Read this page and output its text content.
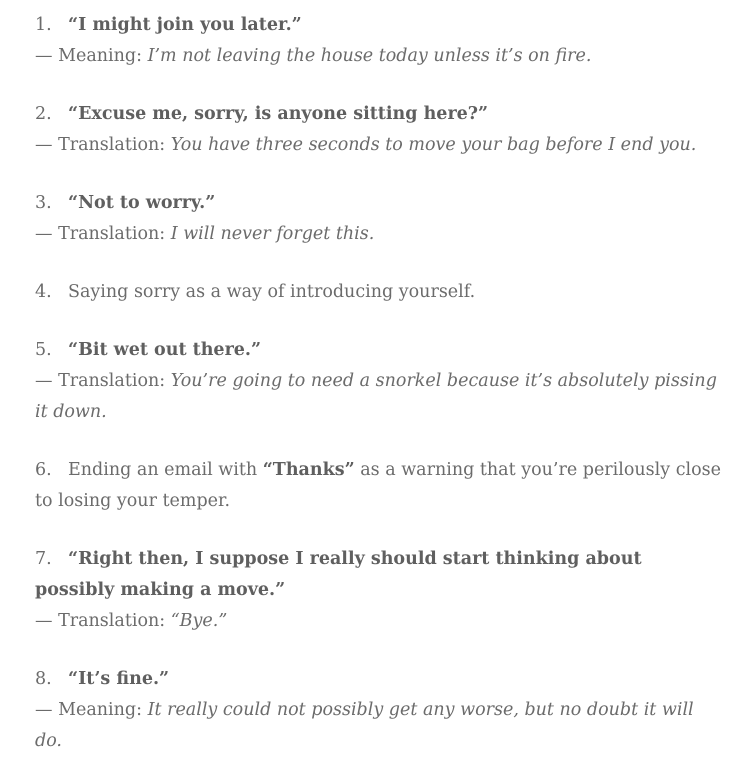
1. “I might join you later.”
— Meaning: I’m not leaving the house today unless it’s on fire.
2. “Excuse me, sorry, is anyone sitting here?”
— Translation: You have three seconds to move your bag before I end you.
3. “Not to worry.”
— Translation: I will never forget this.
4. Saying sorry as a way of introducing yourself.
5. “Bit wet out there.”
— Translation: You’re going to need a snorkel because it’s absolutely pissing it down.
6. Ending an email with “Thanks” as a warning that you’re perilously close to losing your temper.
7. “Right then, I suppose I really should start thinking about possibly making a move.”
— Translation: “Bye.”
8. “It’s fine.”
— Meaning: It really could not possibly get any worse, but no doubt it will do.
